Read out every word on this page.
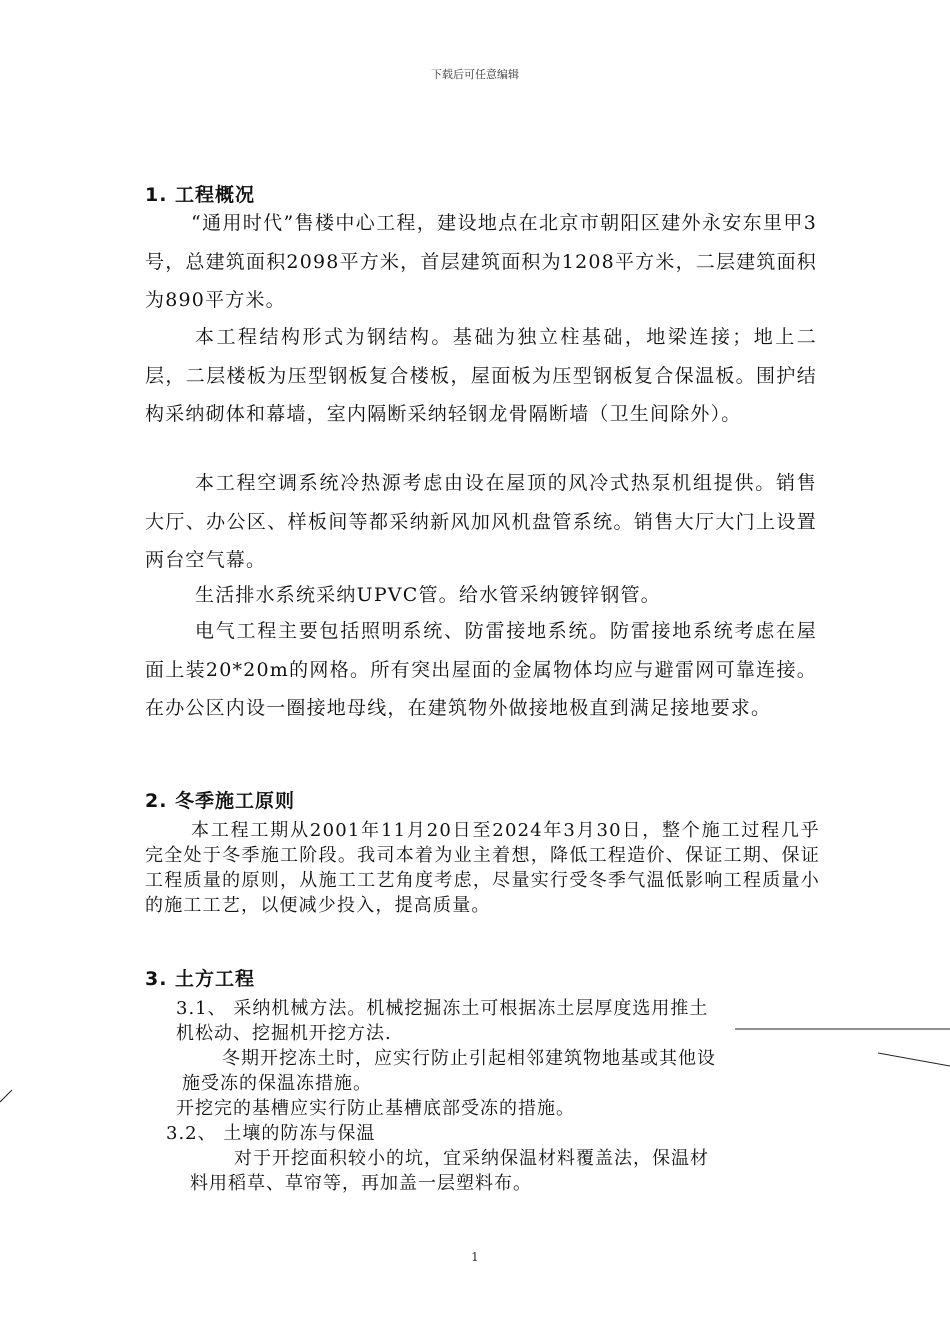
下载后可任意编辑
1. 工程概况
“通用时代”售楼中心工程，建设地点在北京市朝阳区建外永安东里甲3号，总建筑面积2098平方米，首层建筑面积为1208平方米，二层建筑面积为890平方米。
本工程结构形式为钢结构。基础为独立柱基础，地梁连接；地上二层，二层楼板为压型钢板复合楼板，屋面板为压型钢板复合保温板。围护结构采纳砌体和幕墙，室内隔断采纳轻钢龙骨隔断墙（卫生间除外）。
本工程空调系统冷热源考虑由设在屋顶的风冷式热泵机组提供。销售大厅、办公区、样板间等都采纳新风加风机盘管系统。销售大厅大门上设置两台空气幕。
生活排水系统采纳UPVC管。给水管采纳镀锌钢管。
电气工程主要包括照明系统、防雷接地系统。防雷接地系统考虑在屋面上装20*20m的网格。所有突出屋面的金属物体均应与避雷网可靠连接。在办公区内设一圈接地母线，在建筑物外做接地极直到满足接地要求。
2. 冬季施工原则
本工程工期从2001年11月20日至2024年3月30日，整个施工过程几乎完全处于冬季施工阶段。我司本着为业主着想，降低工程造价、保证工期、保证工程质量的原则，从施工工艺角度考虑，尽量实行受冬季气温低影响工程质量小的施工工艺，以便减少投入，提高质量。
3. 土方工程
3.1、 采纳机械方法。机械挖掘冻土可根据冻土层厚度选用推土
机松动、挖掘机开挖方法.
冬期开挖冻土时，应实行防止引起相邻建筑物地基或其他设
施受冻的保温冻措施。
开挖完的基槽应实行防止基槽底部受冻的措施。
3.2、 土壤的防冻与保温
对于开挖面积较小的坑，宜采纳保温材料覆盖法，保温材
料用稻草、草帘等，再加盖一层塑料布。
1
